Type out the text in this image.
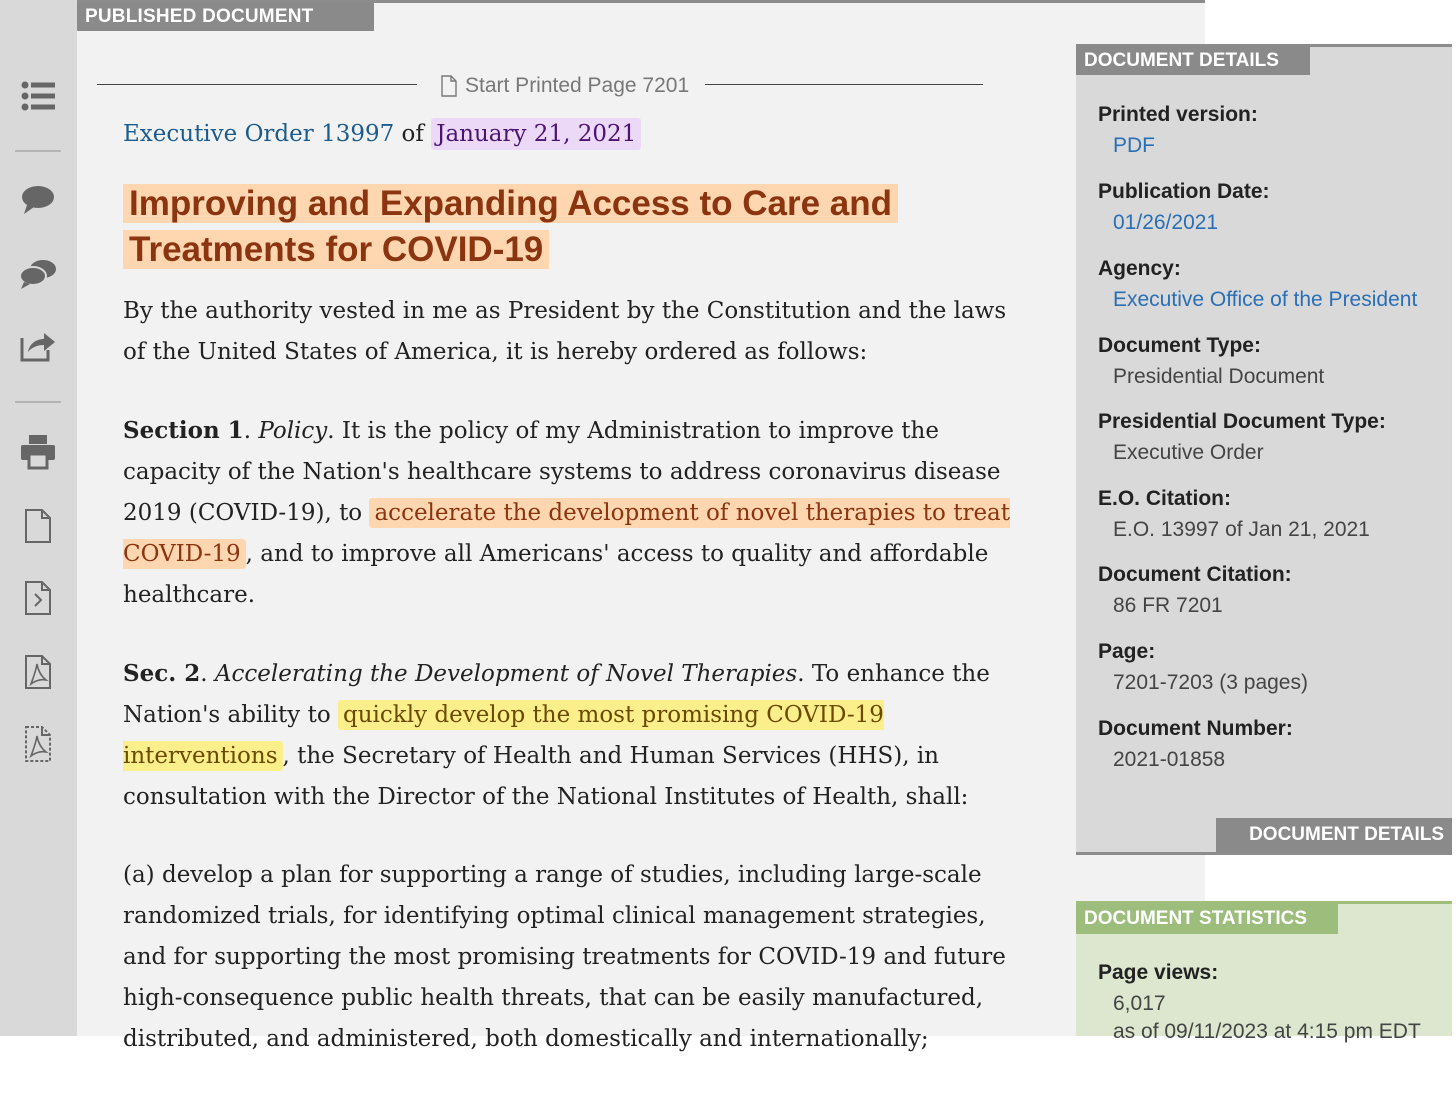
PUBLISHED DOCUMENT
Start Printed Page 7201
Executive Order 13997 of January 21, 2021
Improving and Expanding Access to Care and Treatments for COVID-19

By the authority vested in me as President by the Constitution and the laws of the United States of America, it is hereby ordered as follows:

Section 1. Policy. It is the policy of my Administration to improve the capacity of the Nation's healthcare systems to address coronavirus disease 2019 (COVID-19), to accelerate the development of novel therapies to treat COVID-19 , and to improve all Americans' access to quality and affordable healthcare.

Sec. 2. Accelerating the Development of Novel Therapies. To enhance the Nation's ability to quickly develop the most promising COVID-19 interventions , the Secretary of Health and Human Services (HHS), in consultation with the Director of the National Institutes of Health, shall:

(a) develop a plan for supporting a range of studies, including large-scale randomized trials, for identifying optimal clinical management strategies, and for supporting the most promising treatments for COVID-19 and future high-consequence public health threats, that can be easily manufactured, distributed, and administered, both domestically and internationally;

DOCUMENT DETAILS
Printed version:
PDF
Publication Date:
01/26/2021
Agency:
Executive Office of the President
Document Type:
Presidential Document
Presidential Document Type:
Executive Order
E.O. Citation:
E.O. 13997 of Jan 21, 2021
Document Citation:
86 FR 7201
Page:
7201-7203 (3 pages)
Document Number:
2021-01858
DOCUMENT DETAILS
DOCUMENT STATISTICS
Page views:
6,017
as of 09/11/2023 at 4:15 pm EDT
